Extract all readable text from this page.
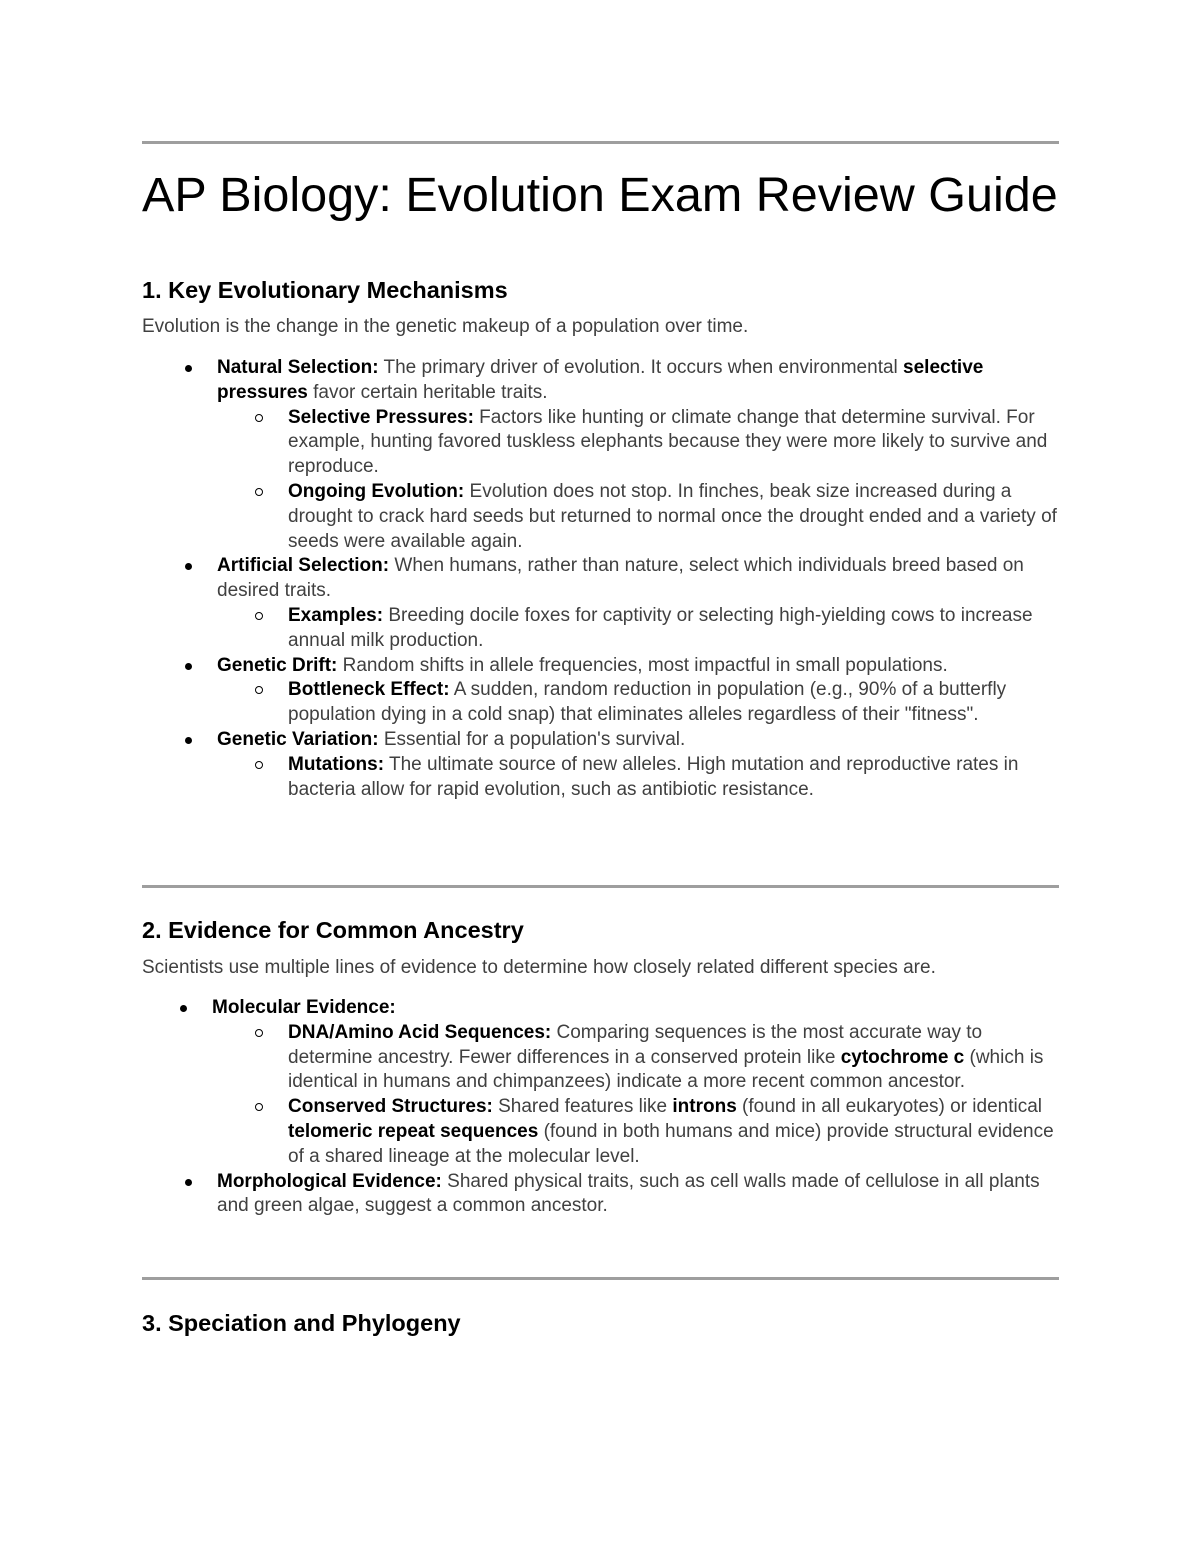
AP Biology: Evolution Exam Review Guide
1. Key Evolutionary Mechanisms

Evolution is the change in the genetic makeup of a population over time.

Natural Selection: The primary driver of evolution. It occurs when environmental selective pressures favor certain heritable traits.
Selective Pressures: Factors like hunting or climate change that determine survival. For example, hunting favored tuskless elephants because they were more likely to survive and reproduce.
Ongoing Evolution: Evolution does not stop. In finches, beak size increased during a drought to crack hard seeds but returned to normal once the drought ended and a variety of seeds were available again.
Artificial Selection: When humans, rather than nature, select which individuals breed based on desired traits.
Examples: Breeding docile foxes for captivity or selecting high-yielding cows to increase annual milk production.
Genetic Drift: Random shifts in allele frequencies, most impactful in small populations.
Bottleneck Effect: A sudden, random reduction in population (e.g., 90% of a butterfly population dying in a cold snap) that eliminates alleles regardless of their "fitness".
Genetic Variation: Essential for a population's survival.
Mutations: The ultimate source of new alleles. High mutation and reproductive rates in bacteria allow for rapid evolution, such as antibiotic resistance.
2. Evidence for Common Ancestry

Scientists use multiple lines of evidence to determine how closely related different species are.

Molecular Evidence:
DNA/Amino Acid Sequences: Comparing sequences is the most accurate way to determine ancestry. Fewer differences in a conserved protein like cytochrome c (which is identical in humans and chimpanzees) indicate a more recent common ancestor.
Conserved Structures: Shared features like introns (found in all eukaryotes) or identical telomeric repeat sequences (found in both humans and mice) provide structural evidence of a shared lineage at the molecular level.
Morphological Evidence: Shared physical traits, such as cell walls made of cellulose in all plants and green algae, suggest a common ancestor.
3. Speciation and Phylogeny
